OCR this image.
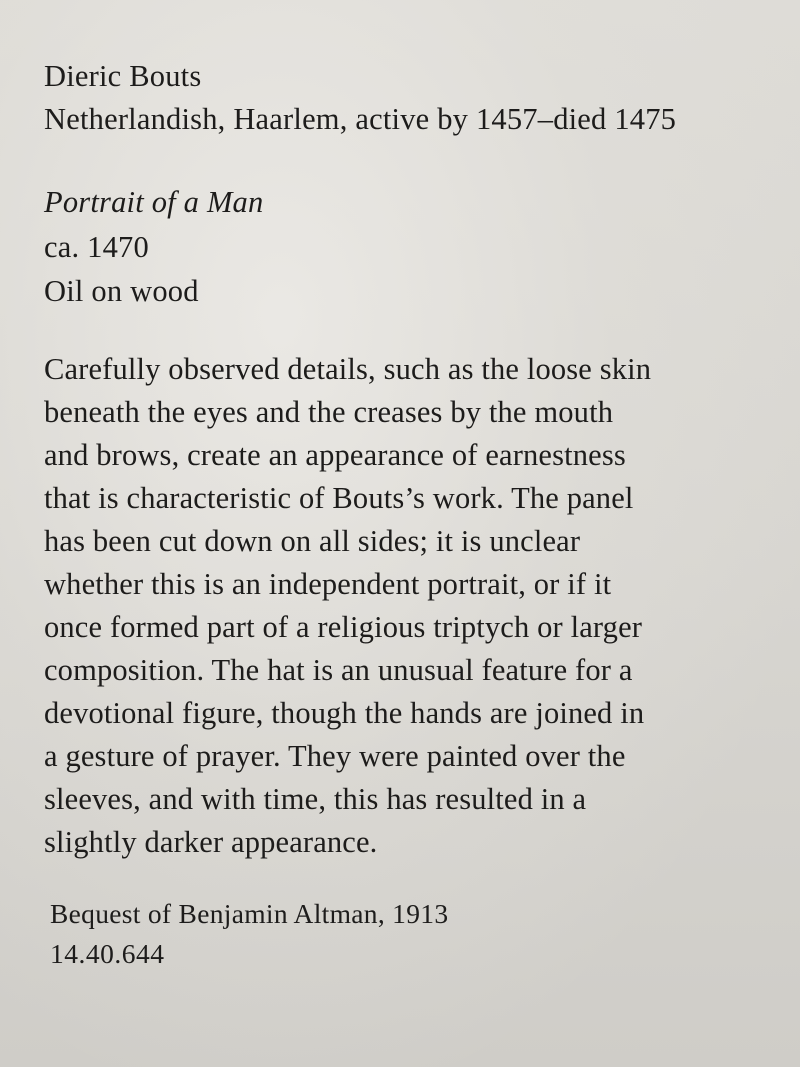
Dieric Bouts
Netherlandish, Haarlem, active by 1457–died 1475
Portrait of a Man
ca. 1470
Oil on wood
Carefully observed details, such as the loose skin
beneath the eyes and the creases by the mouth
and brows, create an appearance of earnestness
that is characteristic of Bouts’s work. The panel
has been cut down on all sides; it is unclear
whether this is an independent portrait, or if it
once formed part of a religious triptych or larger
composition. The hat is an unusual feature for a
devotional figure, though the hands are joined in
a gesture of prayer. They were painted over the
sleeves, and with time, this has resulted in a
slightly darker appearance.
Bequest of Benjamin Altman, 1913
14.40.644
